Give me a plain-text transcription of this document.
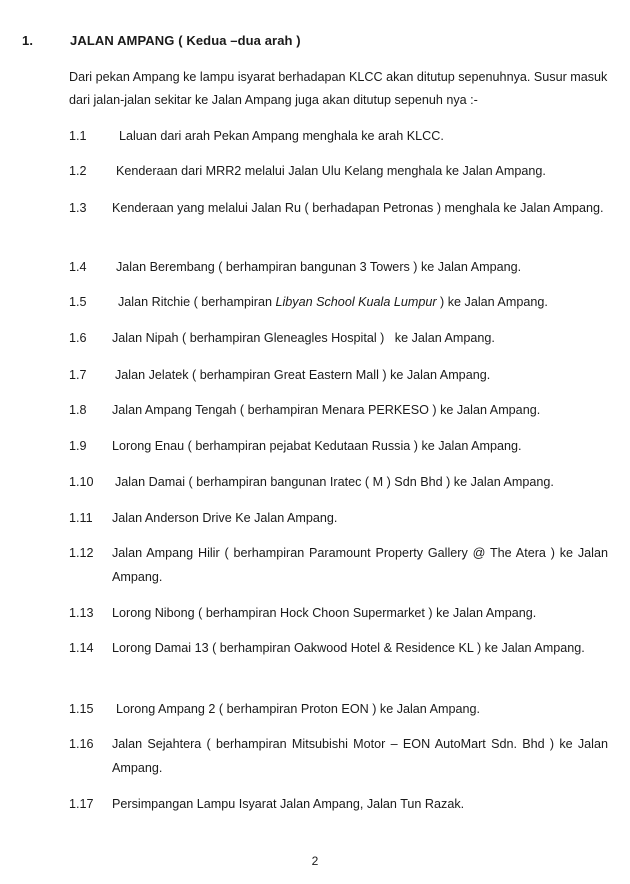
1.	JALAN AMPANG ( Kedua –dua arah )
Dari pekan Ampang ke lampu isyarat berhadapan KLCC akan ditutup sepenuhnya. Susur masuk dari jalan-jalan sekitar ke Jalan Ampang juga akan ditutup sepenuh nya :-
1.1	Laluan dari arah Pekan Ampang menghala ke arah KLCC.
1.2	Kenderaan dari MRR2 melalui Jalan Ulu Kelang menghala ke Jalan Ampang.
1.3	Kenderaan yang melalui Jalan Ru ( berhadapan Petronas ) menghala ke Jalan Ampang.
1.4	Jalan Berembang ( berhampiran bangunan 3 Towers ) ke Jalan Ampang.
1.5	Jalan Ritchie ( berhampiran Libyan School Kuala Lumpur ) ke Jalan Ampang.
1.6	Jalan Nipah ( berhampiran Gleneagles Hospital )   ke Jalan Ampang.
1.7	Jalan Jelatek ( berhampiran Great Eastern Mall ) ke Jalan Ampang.
1.8	Jalan Ampang Tengah ( berhampiran Menara PERKESO ) ke Jalan Ampang.
1.9	Lorong Enau ( berhampiran pejabat Kedutaan Russia ) ke Jalan Ampang.
1.10	Jalan Damai ( berhampiran bangunan Iratec ( M ) Sdn Bhd ) ke Jalan Ampang.
1.11	Jalan Anderson Drive Ke Jalan Ampang.
1.12	Jalan Ampang Hilir ( berhampiran Paramount Property Gallery @ The Atera ) ke Jalan Ampang.
1.13	Lorong Nibong ( berhampiran Hock Choon Supermarket ) ke Jalan Ampang.
1.14	Lorong Damai 13 ( berhampiran Oakwood Hotel & Residence KL ) ke Jalan Ampang.
1.15	Lorong Ampang 2 ( berhampiran Proton EON ) ke Jalan Ampang.
1.16	Jalan Sejahtera ( berhampiran Mitsubishi Motor – EON AutoMart Sdn. Bhd ) ke Jalan Ampang.
1.17	Persimpangan Lampu Isyarat Jalan Ampang, Jalan Tun Razak.
2
